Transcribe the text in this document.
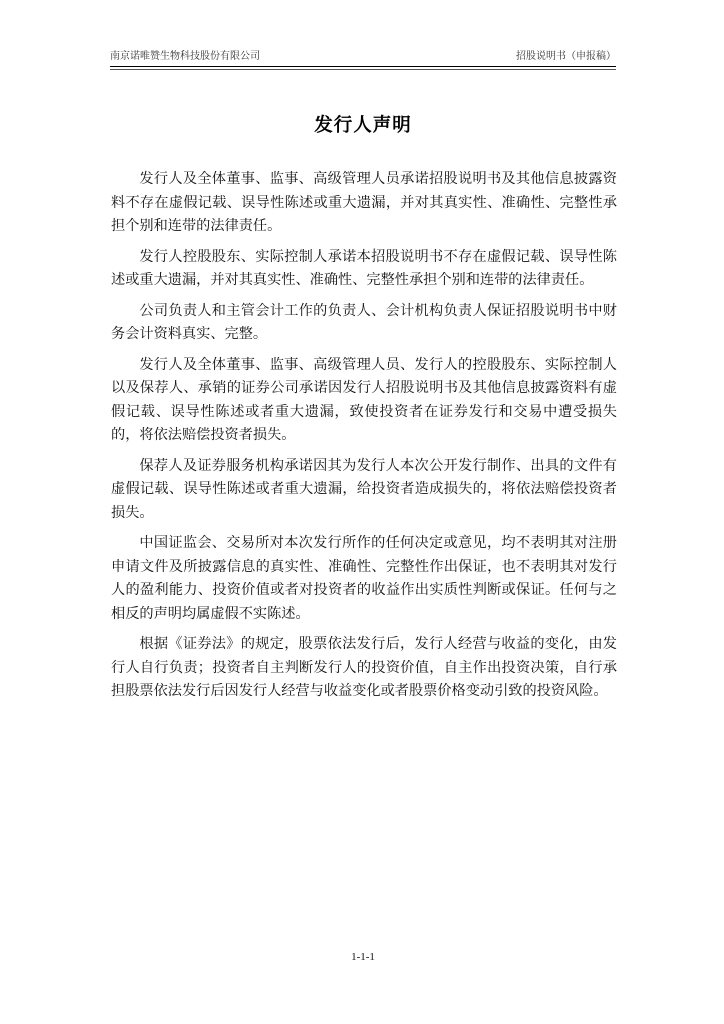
南京诺唯赞生物科技股份有限公司	招股说明书（申报稿）
发行人声明

发行人及全体董事、监事、高级管理人员承诺招股说明书及其他信息披露资料不存在虚假记载、误导性陈述或重大遗漏，并对其真实性、准确性、完整性承担个别和连带的法律责任。

发行人控股股东、实际控制人承诺本招股说明书不存在虚假记载、误导性陈述或重大遗漏，并对其真实性、准确性、完整性承担个别和连带的法律责任。

公司负责人和主管会计工作的负责人、会计机构负责人保证招股说明书中财务会计资料真实、完整。

发行人及全体董事、监事、高级管理人员、发行人的控股股东、实际控制人以及保荐人、承销的证券公司承诺因发行人招股说明书及其他信息披露资料有虚假记载、误导性陈述或者重大遗漏，致使投资者在证券发行和交易中遭受损失的，将依法赔偿投资者损失。

保荐人及证券服务机构承诺因其为发行人本次公开发行制作、出具的文件有虚假记载、误导性陈述或者重大遗漏，给投资者造成损失的，将依法赔偿投资者损失。

中国证监会、交易所对本次发行所作的任何决定或意见，均不表明其对注册申请文件及所披露信息的真实性、准确性、完整性作出保证，也不表明其对发行人的盈利能力、投资价值或者对投资者的收益作出实质性判断或保证。任何与之相反的声明均属虚假不实陈述。

根据《证券法》的规定，股票依法发行后，发行人经营与收益的变化，由发行人自行负责；投资者自主判断发行人的投资价值，自主作出投资决策，自行承担股票依法发行后因发行人经营与收益变化或者股票价格变动引致的投资风险。

1-1-1
